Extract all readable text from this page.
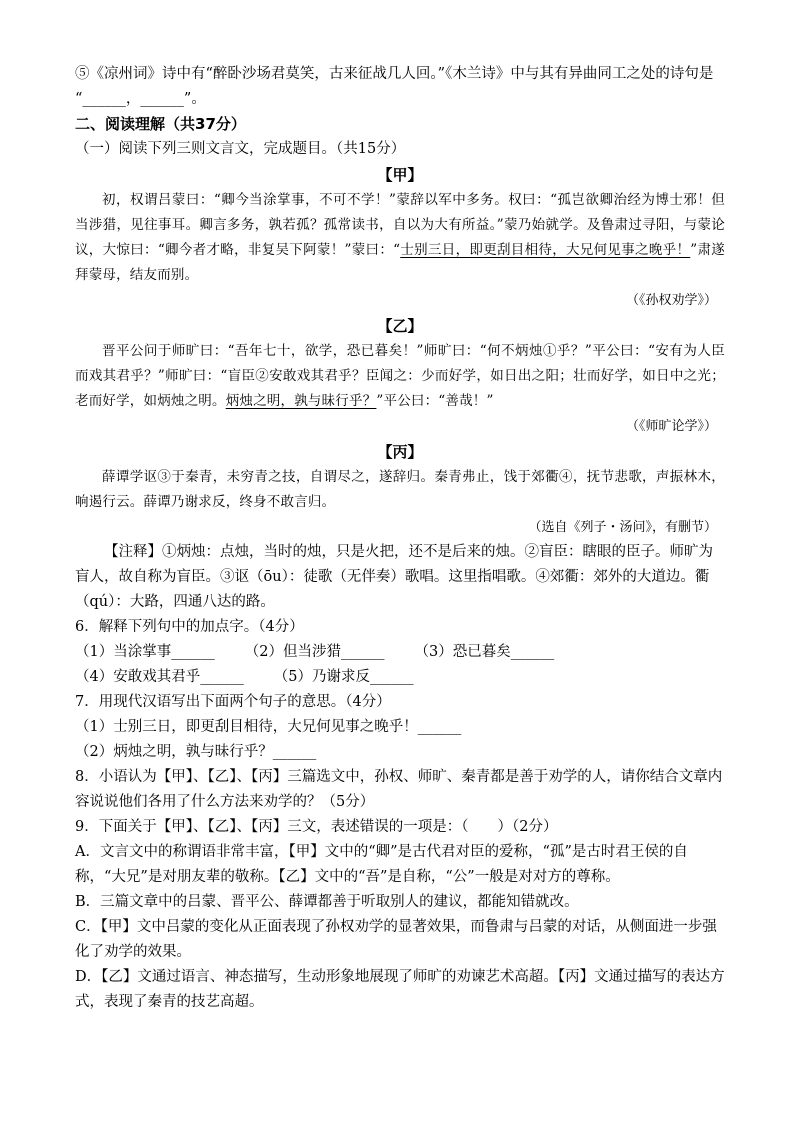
⑤《凉州词》诗中有“醉卧沙场君莫笑，古来征战几人回。”《木兰诗》中与其有异曲同工之处的诗句是
“______，______”。
二、阅读理解（共37分）
（一）阅读下列三则文言文，完成题目。（共15分）
【甲】
初，权谓吕蒙曰：“卿今当涂掌事，不可不学！”蒙辞以军中多务。权曰：“孤岂欲卿治经为博士邪！但当涉猎，见往事耳。卿言多务，孰若孤？孤常读书，自以为大有所益。”蒙乃始就学。及鲁肃过寻阳，与蒙论议，大惊曰：“卿今者才略，非复吴下阿蒙！”蒙曰：“士别三日，即更刮目相待，大兄何见事之晚乎！”肃遂拜蒙母，结友而别。
（《孙权劝学》）
【乙】
晋平公问于师旷曰：“吾年七十，欲学，恐已暮矣！”师旷曰：“何不炳烛①乎？”平公曰：“安有为人臣而戏其君乎？”师旷曰：“盲臣②安敢戏其君乎？臣闻之：少而好学，如日出之阳；壮而好学，如日中之光；老而好学，如炳烛之明。炳烛之明，孰与昧行乎？”平公曰：“善哉！”
（《师旷论学》）
【丙】
薛谭学讴③于秦青，未穷青之技，自谓尽之，遂辞归。秦青弗止，饯于郊衢④，抚节悲歌，声振林木，响遏行云。薛谭乃谢求反，终身不敢言归。
（选自《列子・汤问》，有删节）
【注释】①炳烛：点烛，当时的烛，只是火把，还不是后来的烛。②盲臣：瞎眼的臣子。师旷为盲人，故自称为盲臣。③讴（ōu）：徒歌（无伴奏）歌唱。这里指唱歌。④郊衢：郊外的大道边。衢（qú）：大路，四通八达的路。
6．解释下列句中的加点字。（4分）
（1）当涂掌事______ （2）但当涉猎______ （3）恐已暮矣______
（4）安敢戏其君乎______ （5）乃谢求反______
7．用现代汉语写出下面两个句子的意思。（4分）
（1）士别三日，即更刮目相待，大兄何见事之晚乎！______
（2）炳烛之明，孰与昧行乎？______
8．小语认为【甲】、【乙】、【丙】三篇选文中，孙权、师旷、秦青都是善于劝学的人，请你结合文章内容说说他们各用了什么方法来劝学的？（5分）
9．下面关于【甲】、【乙】、【丙】三文，表述错误的一项是：（　　）（2分）
A．文言文中的称谓语非常丰富，【甲】文中的“卿”是古代君对臣的爱称，“孤”是古时君王侯的自称，“大兄”是对朋友辈的敬称。【乙】文中的“吾”是自称，“公”一般是对对方的尊称。
B．三篇文章中的吕蒙、晋平公、薛谭都善于听取别人的建议，都能知错就改。
C．【甲】文中吕蒙的变化从正面表现了孙权劝学的显著效果，而鲁肃与吕蒙的对话，从侧面进一步强化了劝学的效果。
D．【乙】文通过语言、神态描写，生动形象地展现了师旷的劝谏艺术高超。【丙】文通过描写的表达方式，表现了秦青的技艺高超。
